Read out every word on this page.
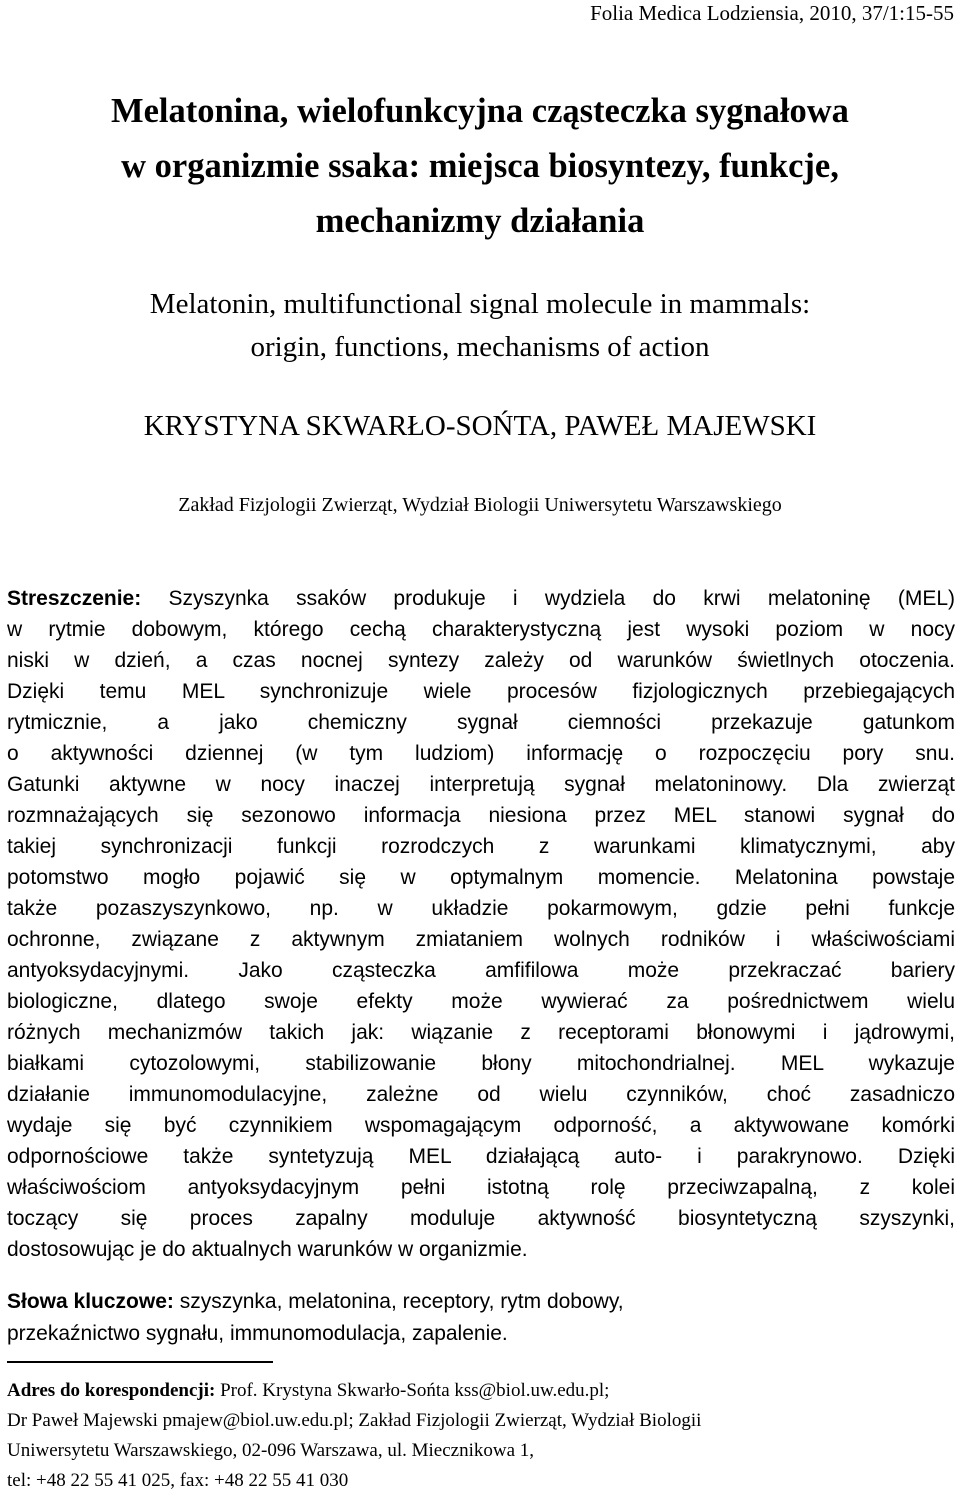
Folia Medica Lodziensia, 2010, 37/1:15-55
Melatonina, wielofunkcyjna cząsteczka sygnałowa
w organizmie ssaka: miejsca biosyntezy, funkcje,
mechanizmy działania
Melatonin, multifunctional signal molecule in mammals:
origin, functions, mechanisms of action
KRYSTYNA SKWARŁO-SOŃTA, PAWEŁ MAJEWSKI
Zakład Fizjologii Zwierząt, Wydział Biologii Uniwersytetu Warszawskiego
Streszczenie: Szyszynka ssaków produkuje i wydziela do krwi melatoninę (MEL)
w rytmie dobowym, którego cechą charakterystyczną jest wysoki poziom w nocy
niski w dzień, a czas nocnej syntezy zależy od warunków świetlnych otoczenia.
Dzięki temu MEL synchronizuje wiele procesów fizjologicznych przebiegających
rytmicznie, a jako chemiczny sygnał ciemności przekazuje gatunkom
o aktywności dziennej (w tym ludziom) informację o rozpoczęciu pory snu.
Gatunki aktywne w nocy inaczej interpretują sygnał melatoninowy. Dla zwierząt
rozmnażających się sezonowo informacja niesiona przez MEL stanowi sygnał do
takiej synchronizacji funkcji rozrodczych z warunkami klimatycznymi, aby
potomstwo mogło pojawić się w optymalnym momencie. Melatonina powstaje
także pozaszyszynkowo, np. w układzie pokarmowym, gdzie pełni funkcje
ochronne, związane z aktywnym zmiataniem wolnych rodników i właściwościami
antyoksydacyjnymi. Jako cząsteczka amfifilowa może przekraczać bariery
biologiczne, dlatego swoje efekty może wywierać za pośrednictwem wielu
różnych mechanizmów takich jak: wiązanie z receptorami błonowymi i jądrowymi,
białkami cytozolowymi, stabilizowanie błony mitochondrialnej. MEL wykazuje
działanie immunomodulacyjne, zależne od wielu czynników, choć zasadniczo
wydaje się być czynnikiem wspomagającym odporność, a aktywowane komórki
odpornościowe także syntetyzują MEL działającą auto- i parakrynowo. Dzięki
właściwościom antyoksydacyjnym pełni istotną rolę przeciwzapalną, z kolei
toczący się proces zapalny moduluje aktywność biosyntetyczną szyszynki,
dostosowując je do aktualnych warunków w organizmie.
Słowa kluczowe: szyszynka, melatonina, receptory, rytm dobowy,
przekaźnictwo sygnału, immunomodulacja, zapalenie.
Adres do korespondencji: Prof. Krystyna Skwarło-Sońta kss@biol.uw.edu.pl;
Dr Paweł Majewski pmajew@biol.uw.edu.pl; Zakład Fizjologii Zwierząt, Wydział Biologii
Uniwersytetu Warszawskiego, 02-096 Warszawa, ul. Miecznikowa 1,
tel: +48 22 55 41 025, fax: +48 22 55 41 030
